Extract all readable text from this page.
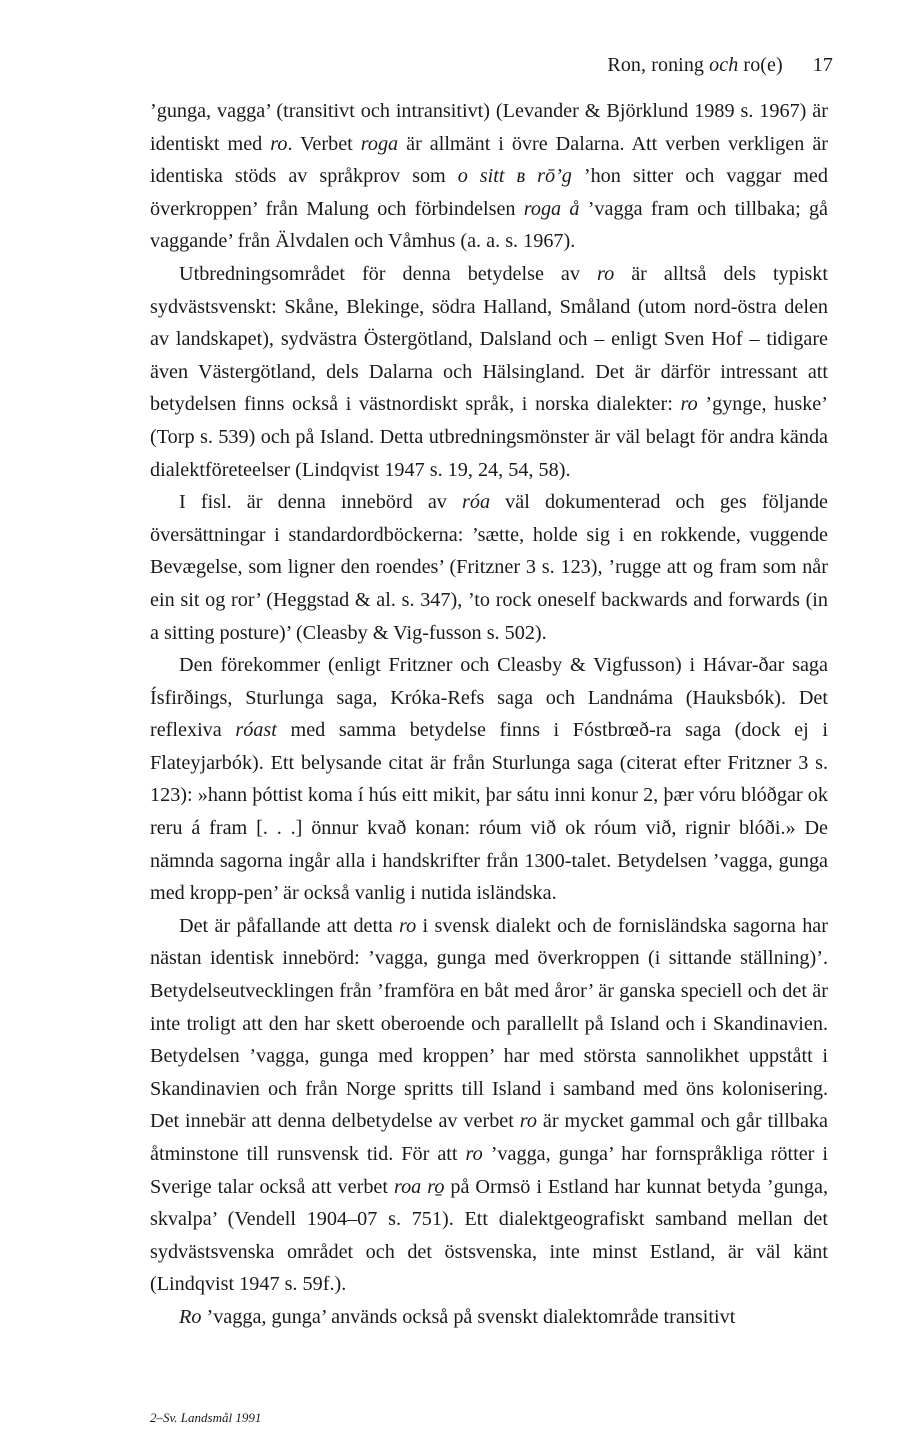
Ron, roning och ro(e) 17

’gunga, vagga’ (transitivt och intransitivt) (Levander & Björklund 1989 s. 1967) är identiskt med ro. Verbet roga är allmänt i övre Dalarna. Att verben verkligen är identiska stöds av språkprov som o sitt ʙ rō’g ’hon sitter och vaggar med överkroppen’ från Malung och förbindelsen roga å ’vagga fram och tillbaka; gå vaggande’ från Älvdalen och Våmhus (a. a. s. 1967).

Utbredningsområdet för denna betydelse av ro är alltså dels typiskt sydvästsvenskt: Skåne, Blekinge, södra Halland, Småland (utom nord-östra delen av landskapet), sydvästra Östergötland, Dalsland och – enligt Sven Hof – tidigare även Västergötland, dels Dalarna och Hälsingland. Det är därför intressant att betydelsen finns också i västnordiskt språk, i norska dialekter: ro ’gynge, huske’ (Torp s. 539) och på Island. Detta utbredningsmönster är väl belagt för andra kända dialektföreteelser (Lindqvist 1947 s. 19, 24, 54, 58).

I fisl. är denna innebörd av róa väl dokumenterad och ges följande översättningar i standardordböckerna: ’sætte, holde sig i en rokkende, vuggende Bevægelse, som ligner den roendes’ (Fritzner 3 s. 123), ’rugge att og fram som når ein sit og ror’ (Heggstad & al. s. 347), ’to rock oneself backwards and forwards (in a sitting posture)’ (Cleasby & Vig-fusson s. 502).

Den förekommer (enligt Fritzner och Cleasby & Vigfusson) i Hávar-ðar saga Ísfirðings, Sturlunga saga, Króka-Refs saga och Landnáma (Hauksbók). Det reflexiva róast med samma betydelse finns i Fóstbrœð-ra saga (dock ej i Flateyjarbók). Ett belysande citat är från Sturlunga saga (citerat efter Fritzner 3 s. 123): »hann þóttist koma í hús eitt mikit, þar sátu inni konur 2, þær vóru blóðgar ok reru á fram [. . .] önnur kvað konan: róum við ok róum við, rignir blóði.» De nämnda sagorna ingår alla i handskrifter från 1300-talet. Betydelsen ’vagga, gunga med kropp-pen’ är också vanlig i nutida isländska.

Det är påfallande att detta ro i svensk dialekt och de fornisländska sagorna har nästan identisk innebörd: ’vagga, gunga med överkroppen (i sittande ställning)’. Betydelseutvecklingen från ’framföra en båt med åror’ är ganska speciell och det är inte troligt att den har skett oberoende och parallellt på Island och i Skandinavien. Betydelsen ’vagga, gunga med kroppen’ har med största sannolikhet uppstått i Skandinavien och från Norge spritts till Island i samband med öns kolonisering. Det innebär att denna delbetydelse av verbet ro är mycket gammal och går tillbaka åtminstone till runsvensk tid. För att ro ’vagga, gunga’ har fornspråkliga rötter i Sverige talar också att verbet roa ro̱ på Ormsö i Estland har kunnat betyda ’gunga, skvalpa’ (Vendell 1904–07 s. 751). Ett dialektgeografiskt samband mellan det sydvästsvenska området och det östsvenska, inte minst Estland, är väl känt (Lindqvist 1947 s. 59f.).

Ro ’vagga, gunga’ används också på svenskt dialektområde transitivt

2–Sv. Landsmål 1991
